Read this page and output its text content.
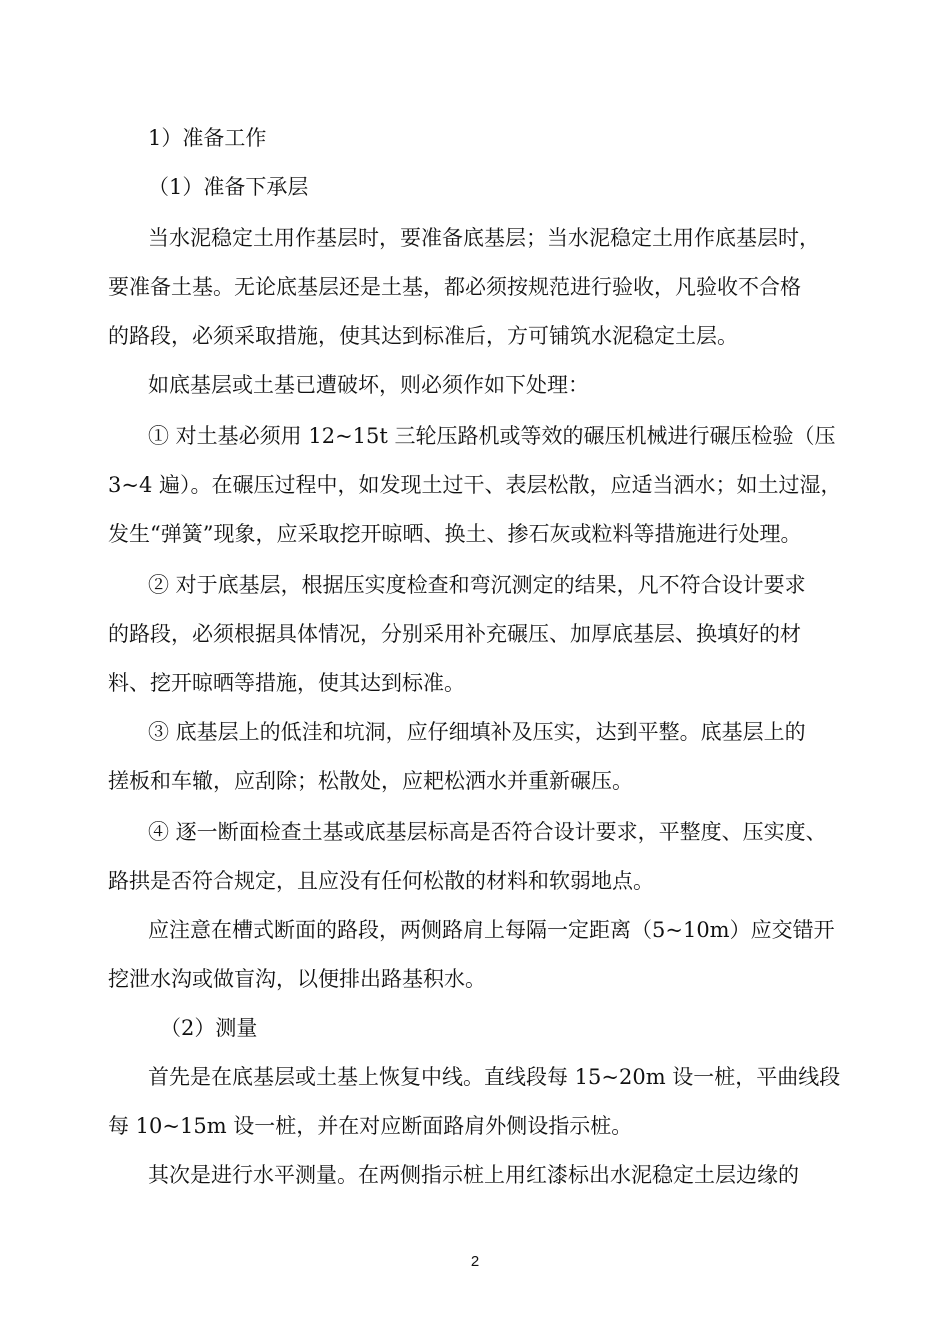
1）准备工作
（1）准备下承层
当水泥稳定土用作基层时，要准备底基层；当水泥稳定土用作底基层时，
要准备土基。无论底基层还是土基，都必须按规范进行验收，凡验收不合格
的路段，必须采取措施，使其达到标准后，方可铺筑水泥稳定土层。
如底基层或土基已遭破坏，则必须作如下处理：
① 对土基必须用 12~15t 三轮压路机或等效的碾压机械进行碾压检验（压
3~4 遍）。在碾压过程中，如发现土过干、表层松散，应适当洒水；如土过湿，
发生“弹簧”现象，应采取挖开晾晒、换土、掺石灰或粒料等措施进行处理。
② 对于底基层，根据压实度检查和弯沉测定的结果，凡不符合设计要求
的路段，必须根据具体情况，分别采用补充碾压、加厚底基层、换填好的材
料、挖开晾晒等措施，使其达到标准。
③ 底基层上的低洼和坑洞，应仔细填补及压实，达到平整。底基层上的
搓板和车辙，应刮除；松散处，应耙松洒水并重新碾压。
④ 逐一断面检查土基或底基层标高是否符合设计要求，平整度、压实度、
路拱是否符合规定，且应没有任何松散的材料和软弱地点。
应注意在槽式断面的路段，两侧路肩上每隔一定距离（5~10m）应交错开
挖泄水沟或做盲沟，以便排出路基积水。
（2）测量
首先是在底基层或土基上恢复中线。直线段每 15~20m 设一桩，平曲线段
每 10~15m 设一桩，并在对应断面路肩外侧设指示桩。
其次是进行水平测量。在两侧指示桩上用红漆标出水泥稳定土层边缘的
2
